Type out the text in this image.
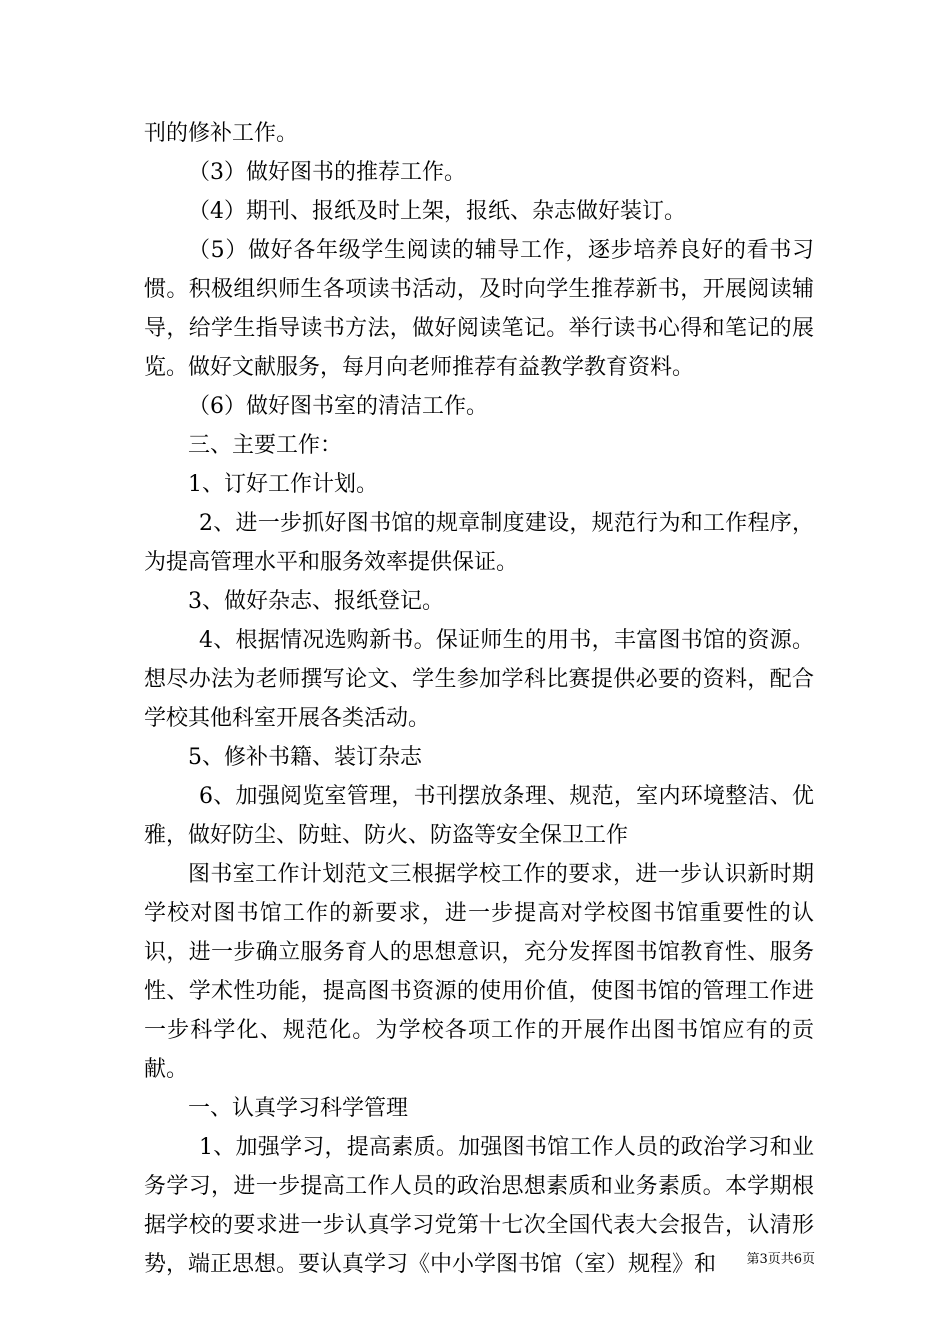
刊的修补工作。

（3）做好图书的推荐工作。

（4）期刊、报纸及时上架，报纸、杂志做好装订。

（5）做好各年级学生阅读的辅导工作，逐步培养良好的看书习惯。积极组织师生各项读书活动，及时向学生推荐新书，开展阅读辅导，给学生指导读书方法，做好阅读笔记。举行读书心得和笔记的展览。做好文献服务，每月向老师推荐有益教学教育资料。

（6）做好图书室的清洁工作。

三、主要工作：

1、订好工作计划。

2、进一步抓好图书馆的规章制度建设，规范行为和工作程序，为提高管理水平和服务效率提供保证。

3、做好杂志、报纸登记。

4、根据情况选购新书。保证师生的用书，丰富图书馆的资源。想尽办法为老师撰写论文、学生参加学科比赛提供必要的资料，配合学校其他科室开展各类活动。

5、修补书籍、装订杂志

6、加强阅览室管理，书刊摆放条理、规范，室内环境整洁、优雅，做好防尘、防蛀、防火、防盗等安全保卫工作

图书室工作计划范文三根据学校工作的要求，进一步认识新时期学校对图书馆工作的新要求，进一步提高对学校图书馆重要性的认识，进一步确立服务育人的思想意识，充分发挥图书馆教育性、服务性、学术性功能，提高图书资源的使用价值，使图书馆的管理工作进一步科学化、规范化。为学校各项工作的开展作出图书馆应有的贡献。

一、认真学习科学管理

1、加强学习，提高素质。加强图书馆工作人员的政治学习和业务学习，进一步提高工作人员的政治思想素质和业务素质。本学期根据学校的要求进一步认真学习党第十七次全国代表大会报告，认清形势，端正思想。要认真学习《中小学图书馆（室）规程》和	第3页共6页
